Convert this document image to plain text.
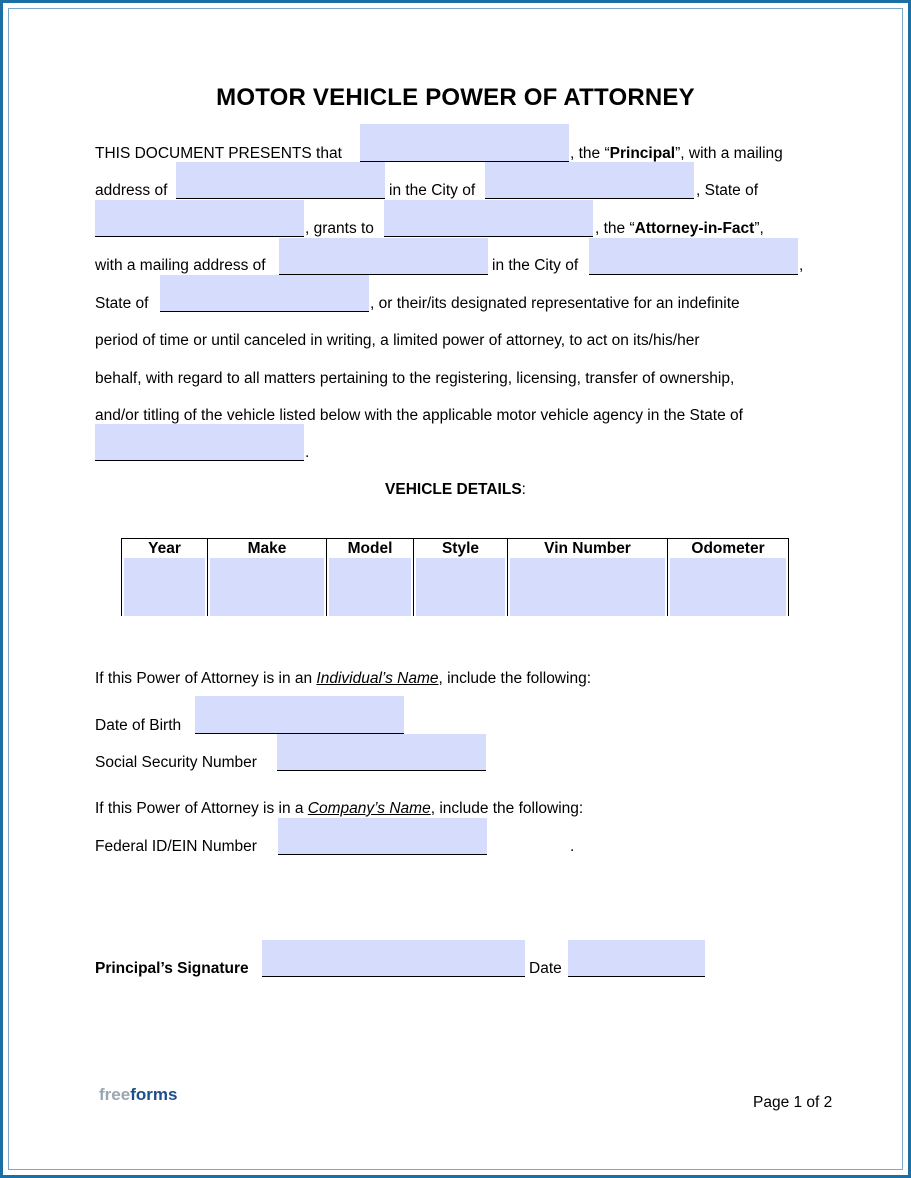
MOTOR VEHICLE POWER OF ATTORNEY
THIS DOCUMENT PRESENTS that	, the “Principal”, with a mailing
address of	in the City of	, State of
, grants to	, the “Attorney-in-Fact”,
with a mailing address of	in the City of	,
State of	, or their/its designated representative for an indefinite
period of time or until canceled in writing, a limited power of attorney, to act on its/his/her
behalf, with regard to all matters pertaining to the registering, licensing, transfer of ownership,
and/or titling of the vehicle listed below with the applicable motor vehicle agency in the State of
.
VEHICLE DETAILS:
Year	Make	Model	Style	Vin Number	Odometer
If this Power of Attorney is in an Individual’s Name, include the following:
Date of Birth
Social Security Number
If this Power of Attorney is in a Company’s Name, include the following:
Federal ID/EIN Number	.
Principal’s Signature	Date
freeforms	Page 1 of 2
